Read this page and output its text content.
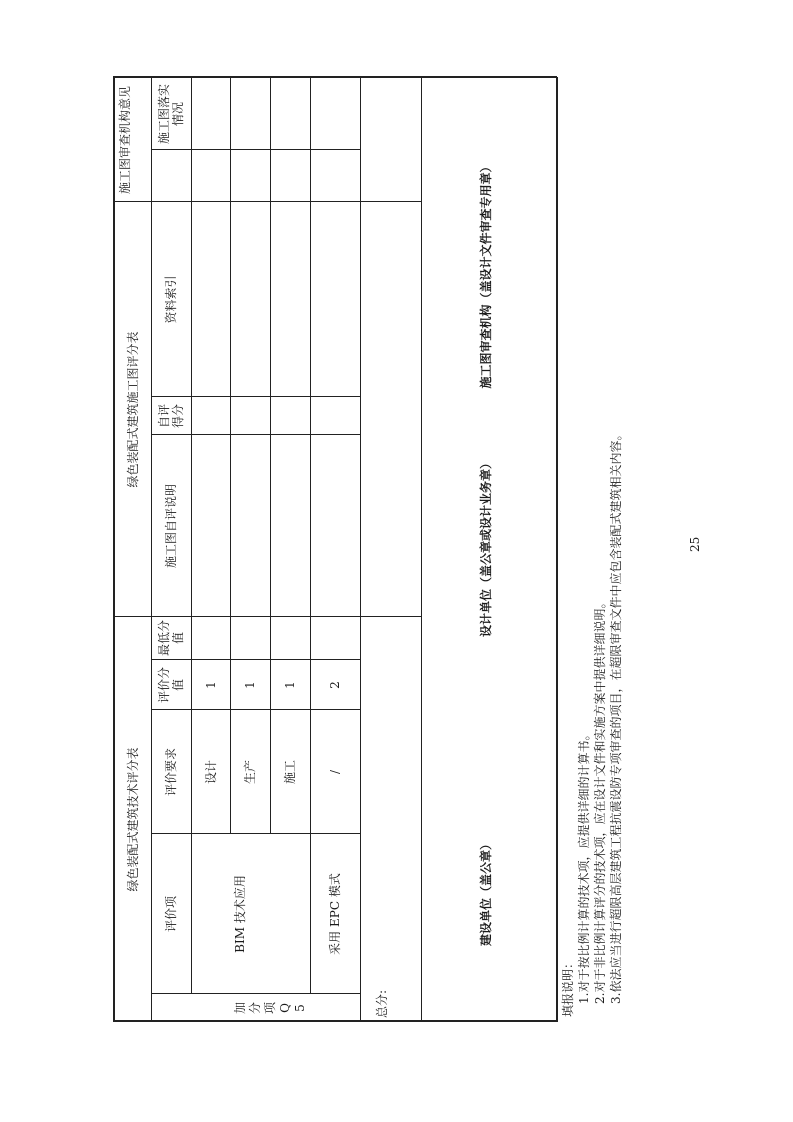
绿色装配式建筑技术评分表
绿色装配式建筑施工图评分表
施工图审查机构意见
评价项
评价要求
评价分值
最低分值
施工图自评说明
自评得分
资料索引
施工图落实情况
加 分 项 Q 5
BIM 技术应用
设计
1
生产
1
施工
1
采用 EPC 模式
/
2
总分:
建设单位（盖公章）
设计单位（盖公章或设计业务章）
施工图审查机构（盖设计文件审查专用章）
填报说明： 1.对于按比例计算的技术项，应提供详细的计算书。 2.对于非比例计算评分的技术项，应在设计文件和实施方案中提供详细说明。 3.依法应当进行超限高层建筑工程抗震设防专项审查的项目，在超限审查文件中应包含装配式建筑相关内容。	25
